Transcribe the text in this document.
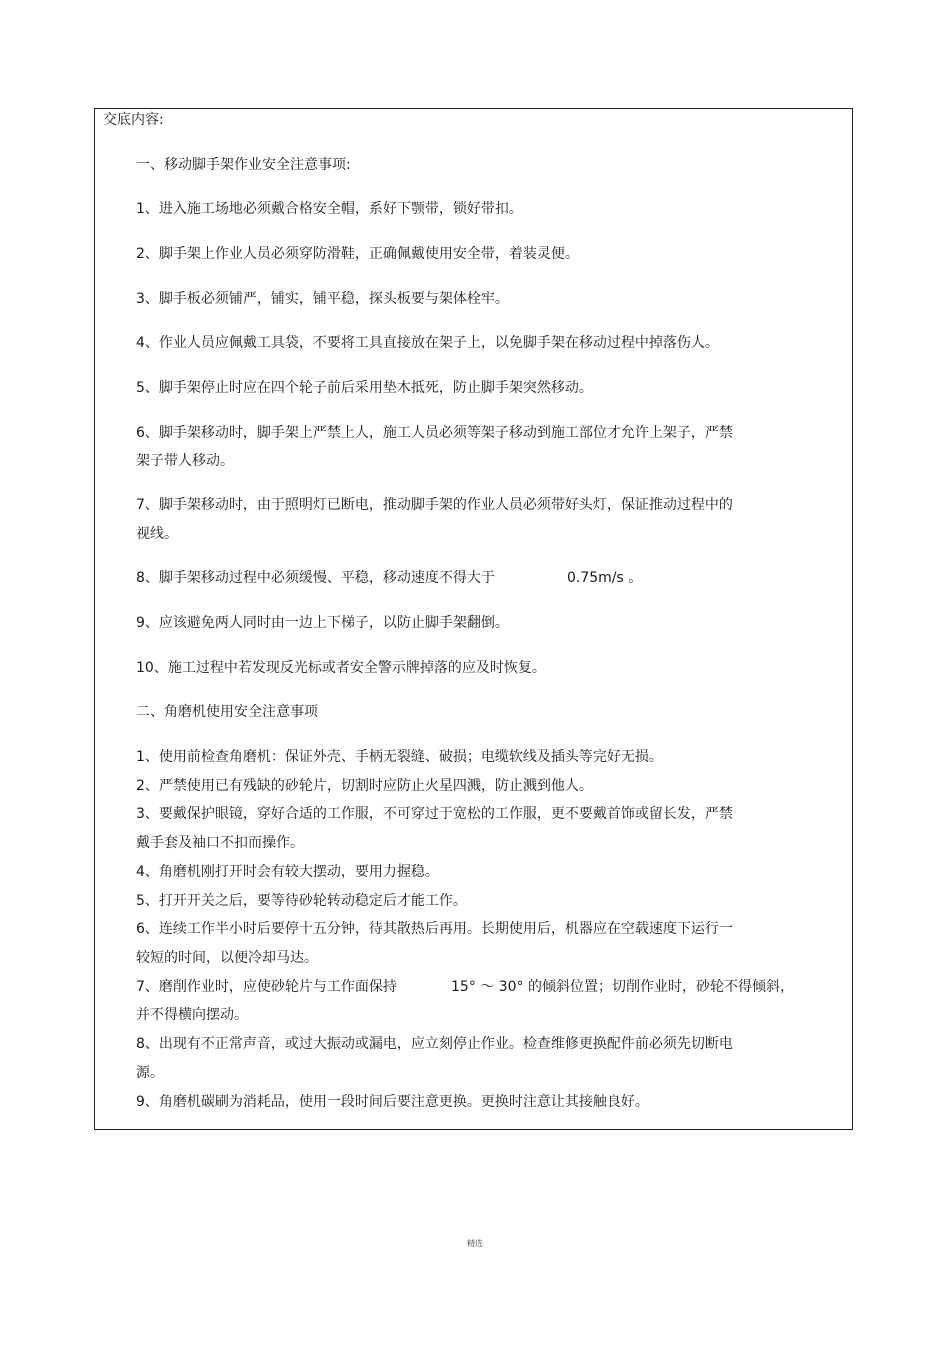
交底内容:
一、移动脚手架作业安全注意事项:
1、进入施工场地必须戴合格安全帽，系好下颚带，锁好带扣。
2、脚手架上作业人员必须穿防滑鞋，正确佩戴使用安全带，着装灵便。
3、脚手板必须铺严，铺实，铺平稳，探头板要与架体栓牢。
4、作业人员应佩戴工具袋，不要将工具直接放在架子上，以免脚手架在移动过程中掉落伤人。
5、脚手架停止时应在四个轮子前后采用垫木抵死，防止脚手架突然移动。
6、脚手架移动时，脚手架上严禁上人，施工人员必须等架子移动到施工部位才允许上架子，严禁
架子带人移动。
7、脚手架移动时，由于照明灯已断电，推动脚手架的作业人员必须带好头灯，保证推动过程中的
视线。
8、脚手架移动过程中必须缓慢、平稳，移动速度不得大于	0.75m/s 。
9、应该避免两人同时由一边上下梯子，以防止脚手架翻倒。
10、施工过程中若发现反光标或者安全警示牌掉落的应及时恢复。
二、角磨机使用安全注意事项
1、使用前检查角磨机：保证外壳、手柄无裂缝、破损；电缆软线及插头等完好无损。
2、严禁使用已有残缺的砂轮片，切割时应防止火星四溅，防止溅到他人。
3、要戴保护眼镜，穿好合适的工作服，不可穿过于宽松的工作服，更不要戴首饰或留长发，严禁
戴手套及袖口不扣而操作。
4、角磨机刚打开时会有较大摆动，要用力握稳。
5、打开开关之后，要等待砂轮转动稳定后才能工作。
6、连续工作半小时后要停十五分钟，待其散热后再用。长期使用后，机器应在空载速度下运行一
较短的时间，以便冷却马达。
7、磨削作业时，应使砂轮片与工作面保持	15° ～ 30° 的倾斜位置；切削作业时，砂轮不得倾斜，
并不得横向摆动。
8、出现有不正常声音，或过大振动或漏电，应立刻停止作业。检查维修更换配件前必须先切断电
源。
9、角磨机碳刷为消耗品，使用一段时间后要注意更换。更换时注意让其接触良好。
精选
